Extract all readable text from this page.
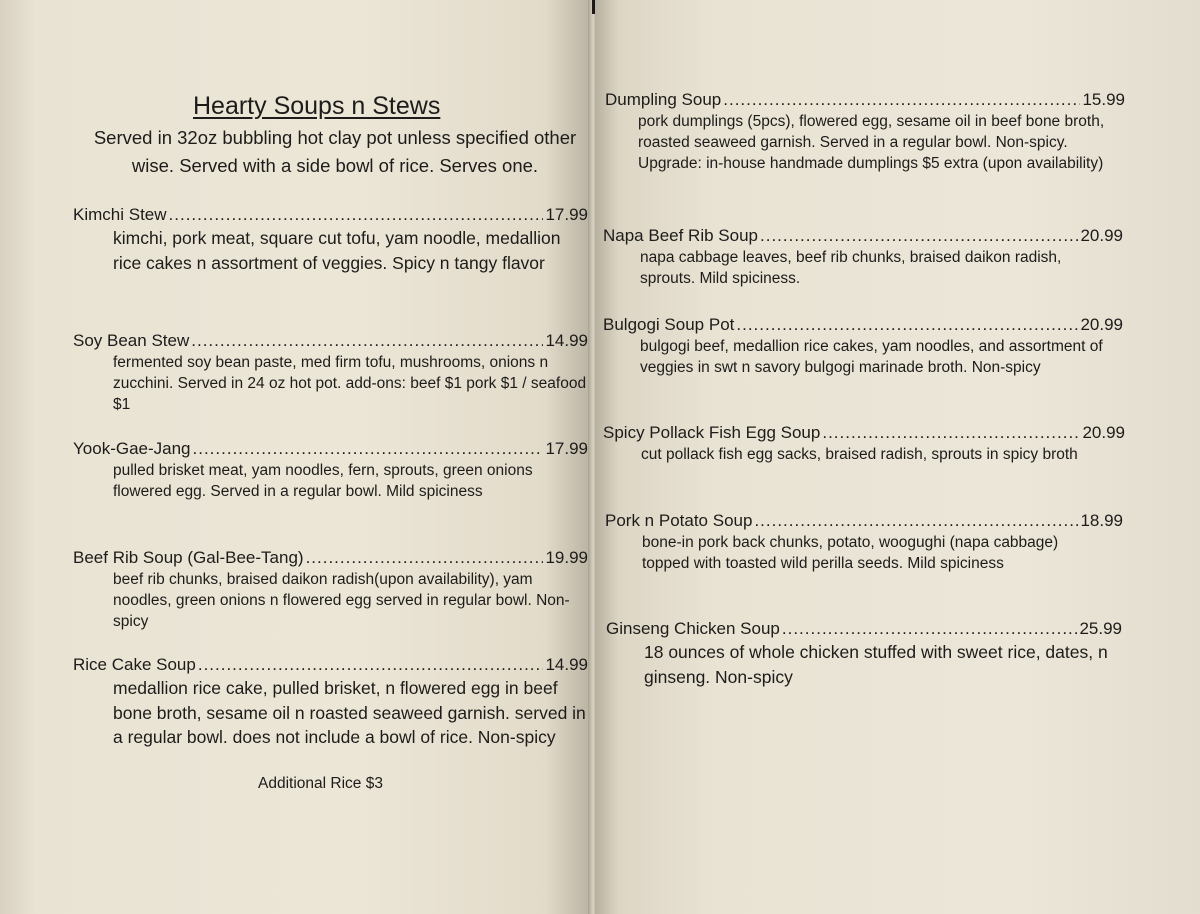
Hearty Soups n Stews
Served in 32oz bubbling hot clay pot unless specified other wise. Served with a side bowl of rice. Serves one.
Kimchi Stew .....	17.99
kimchi, pork meat, square cut tofu, yam noodle, medallion rice cakes n assortment of veggies. Spicy n tangy flavor
Soy Bean Stew .....	14.99
fermented soy bean paste, med firm tofu, mushrooms, onions n zucchini. Served in 24 oz hot pot. add-ons: beef $1 pork $1 / seafood $1
Yook-Gae-Jang .....	17.99
pulled brisket meat, yam noodles, fern, sprouts, green onions flowered egg. Served in a regular bowl. Mild spiciness
Beef Rib Soup (Gal-Bee-Tang) .....	19.99
beef rib chunks, braised daikon radish(upon availability), yam noodles, green onions n flowered egg served in regular bowl. Non-spicy
Rice Cake Soup .....	14.99
medallion rice cake, pulled brisket, n flowered egg in beef bone broth, sesame oil n roasted seaweed garnish. served in a regular bowl. does not include a bowl of rice. Non-spicy
Additional Rice $3
Dumpling Soup .....	15.99
pork dumplings (5pcs), flowered egg, sesame oil in beef bone broth, roasted seaweed garnish. Served in a regular bowl. Non-spicy. Upgrade: in-house handmade dumplings $5 extra (upon availability)
Napa Beef Rib Soup .....	20.99
napa cabbage leaves, beef rib chunks, braised daikon radish, sprouts. Mild spiciness.
Bulgogi Soup Pot .....	20.99
bulgogi beef, medallion rice cakes, yam noodles, and assortment of veggies in swt n savory bulgogi marinade broth. Non-spicy
Spicy Pollack Fish Egg Soup .....	20.99
cut pollack fish egg sacks, braised radish, sprouts in spicy broth
Pork n Potato Soup .....	18.99
bone-in pork back chunks, potato, woogughi (napa cabbage) topped with toasted wild perilla seeds. Mild spiciness
Ginseng Chicken Soup .....	25.99
18 ounces of whole chicken stuffed with sweet rice, dates, n ginseng. Non-spicy
